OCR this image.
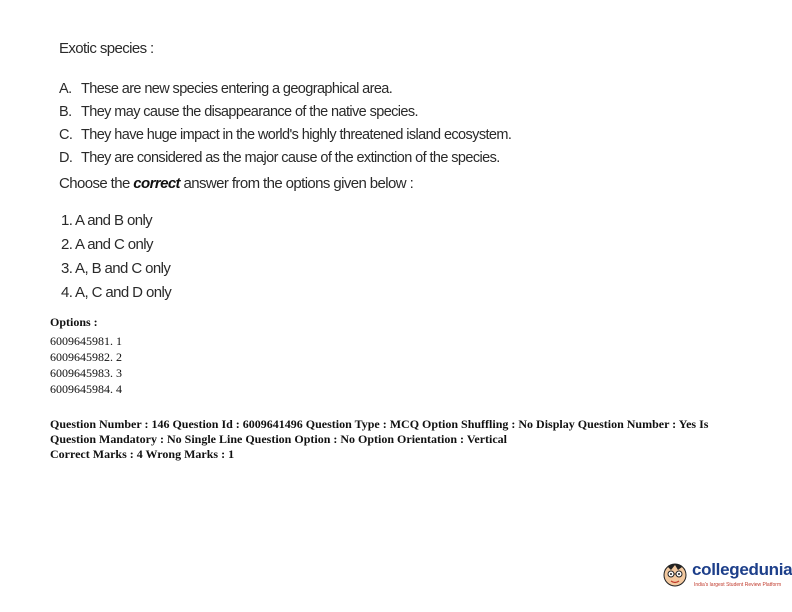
Exotic species :
A. These are new species entering a geographical area.
B. They may cause the disappearance of the native species.
C. They have huge impact in the world's highly threatened island ecosystem.
D. They are considered as the major cause of the extinction of the species.
Choose the correct answer from the options given below :
1. A and B only
2. A and C only
3. A, B and C only
4. A, C and D only
Options :
6009645981. 1
6009645982. 2
6009645983. 3
6009645984. 4
Question Number : 146 Question Id : 6009641496 Question Type : MCQ Option Shuffling : No Display Question Number : Yes Is
Question Mandatory : No Single Line Question Option : No Option Orientation : Vertical
Correct Marks : 4 Wrong Marks : 1
collegedunia
India's largest Student Review Platform
